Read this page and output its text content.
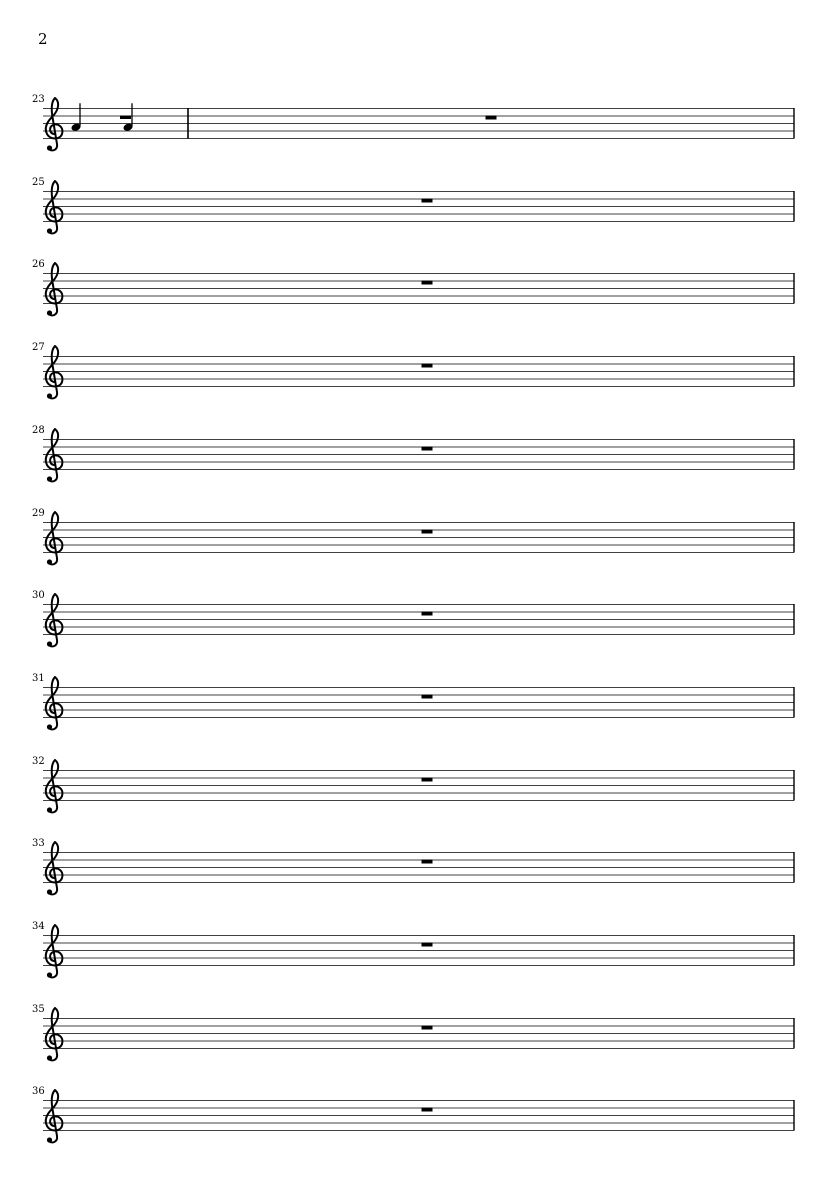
2
23
25
26
27
28
29
30
31
32
33
34
35
36
